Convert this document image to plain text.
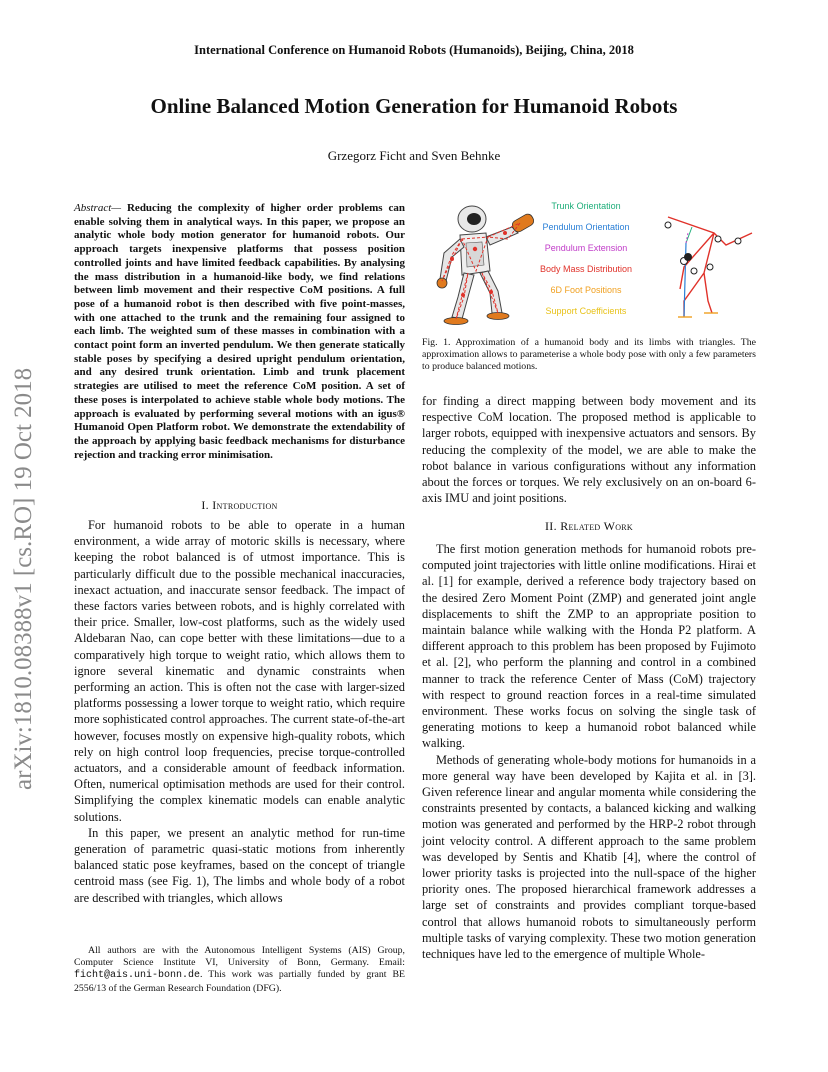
International Conference on Humanoid Robots (Humanoids), Beijing, China, 2018
Online Balanced Motion Generation for Humanoid Robots
Grzegorz Ficht and Sven Behnke
arXiv:1810.08388v1 [cs.RO] 19 Oct 2018
Abstract— Reducing the complexity of higher order problems can enable solving them in analytical ways. In this paper, we propose an analytic whole body motion generator for humanoid robots. Our approach targets inexpensive platforms that possess position controlled joints and have limited feedback capabilities. By analysing the mass distribution in a humanoid-like body, we find relations between limb movement and their respective CoM positions. A full pose of a humanoid robot is then described with five point-masses, with one attached to the trunk and the remaining four assigned to each limb. The weighted sum of these masses in combination with a contact point form an inverted pendulum. We then generate statically stable poses by specifying a desired upright pendulum orientation, and any desired trunk orientation. Limb and trunk placement strategies are utilised to meet the reference CoM position. A set of these poses is interpolated to achieve stable whole body motions. The approach is evaluated by performing several motions with an igus® Humanoid Open Platform robot. We demonstrate the extendability of the approach by applying basic feedback mechanisms for disturbance rejection and tracking error minimisation.
I. Introduction

For humanoid robots to be able to operate in a human environment, a wide array of motoric skills is necessary, where keeping the robot balanced is of utmost importance. This is particularly difficult due to the possible mechanical inaccuracies, inexact actuation, and inaccurate sensor feedback. The impact of these factors varies between robots, and is highly correlated with their price. Smaller, low-cost platforms, such as the widely used Aldebaran Nao, can cope better with these limitations—due to a comparatively high torque to weight ratio, which allows them to ignore several kinematic and dynamic constraints when performing an action. This is often not the case with larger-sized platforms possessing a lower torque to weight ratio, which require more sophisticated control approaches. The current state-of-the-art however, focuses mostly on expensive high-quality robots, which rely on high control loop frequencies, precise torque-controlled actuators, and a considerable amount of feedback information. Often, numerical optimisation methods are used for their control. Simplifying the complex kinematic models can enable analytic solutions.

In this paper, we present an analytic method for run-time generation of parametric quasi-static motions from inherently balanced static pose keyframes, based on the concept of triangle centroid mass (see Fig. 1), The limbs and whole body of a robot are described with triangles, which allows

All authors are with the Autonomous Intelligent Systems (AIS) Group, Computer Science Institute VI, University of Bonn, Germany. Email: ficht@ais.uni-bonn.de. This work was partially funded by grant BE 2556/13 of the German Research Foundation (DFG).
Trunk Orientation
Pendulum Orientation
Pendulum Extension
Body Mass Distribution
6D Foot Positions
Support Coefficients
Fig. 1. Approximation of a humanoid body and its limbs with triangles. The approximation allows to parameterise a whole body pose with only a few parameters to produce balanced motions.

for finding a direct mapping between body movement and its respective CoM location. The proposed method is applicable to larger robots, equipped with inexpensive actuators and sensors. By reducing the complexity of the model, we are able to make the robot balance in various configurations without any information about the forces or torques. We rely exclusively on an on-board 6-axis IMU and joint positions.

II. Related Work

The first motion generation methods for humanoid robots pre-computed joint trajectories with little online modifications. Hirai et al. [1] for example, derived a reference body trajectory based on the desired Zero Moment Point (ZMP) and generated joint angle displacements to shift the ZMP to an appropriate position to maintain balance while walking with the Honda P2 platform. A different approach to this problem has been proposed by Fujimoto et al. [2], who perform the planning and control in a combined manner to track the reference Center of Mass (CoM) trajectory with respect to ground reaction forces in a real-time simulated environment. These works focus on solving the single task of generating motions to keep a humanoid robot balanced while walking.

Methods of generating whole-body motions for humanoids in a more general way have been developed by Kajita et al. in [3]. Given reference linear and angular momenta while considering the constraints presented by contacts, a balanced kicking and walking motion was generated and performed by the HRP-2 robot through joint velocity control. A different approach to the same problem was developed by Sentis and Khatib [4], where the control of lower priority tasks is projected into the null-space of the higher priority ones. The proposed hierarchical framework addresses a large set of constraints and provides compliant torque-based control that allows humanoid robots to simultaneously perform multiple tasks of varying complexity. These two motion generation techniques have led to the emergence of multiple Whole-
